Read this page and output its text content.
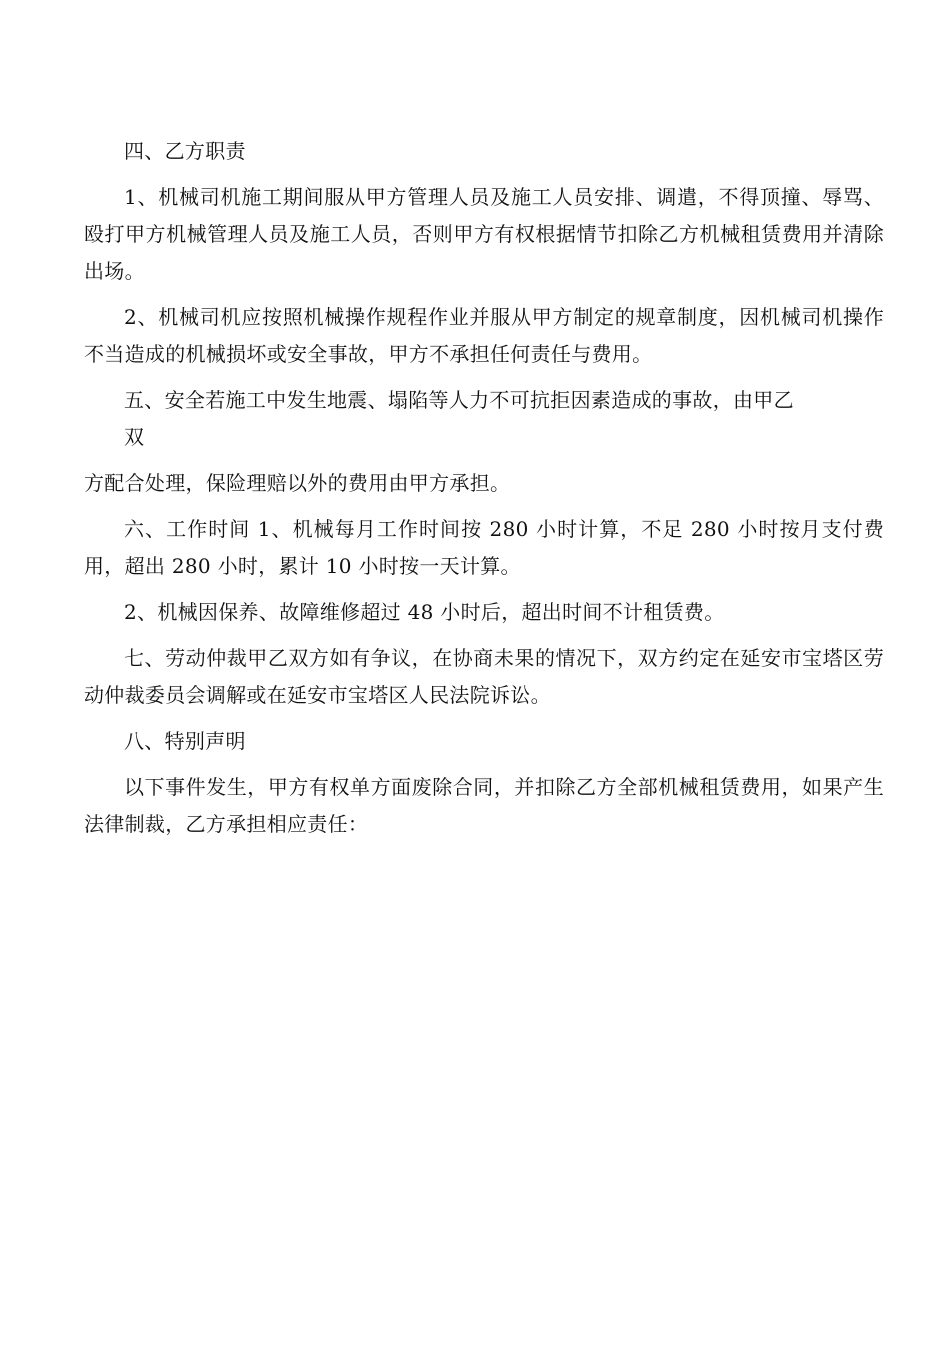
四、乙方职责

1、机械司机施工期间服从甲方管理人员及施工人员安排、调遣，不得顶撞、辱骂、殴打甲方机械管理人员及施工人员，否则甲方有权根据情节扣除乙方机械租赁费用并清除出场。

2、机械司机应按照机械操作规程作业并服从甲方制定的规章制度，因机械司机操作不当造成的机械损坏或安全事故，甲方不承担任何责任与费用。

五、安全若施工中发生地震、塌陷等人力不可抗拒因素造成的事故，由甲乙

双

方配合处理，保险理赔以外的费用由甲方承担。

六、工作时间 1、机械每月工作时间按 280 小时计算，不足 280 小时按月支付费用，超出 280 小时，累计 10 小时按一天计算。

2、机械因保养、故障维修超过 48 小时后，超出时间不计租赁费。

七、劳动仲裁甲乙双方如有争议，在协商未果的情况下，双方约定在延安市宝塔区劳动仲裁委员会调解或在延安市宝塔区人民法院诉讼。

八、特别声明

以下事件发生，甲方有权单方面废除合同，并扣除乙方全部机械租赁费用，如果产生法律制裁，乙方承担相应责任：
